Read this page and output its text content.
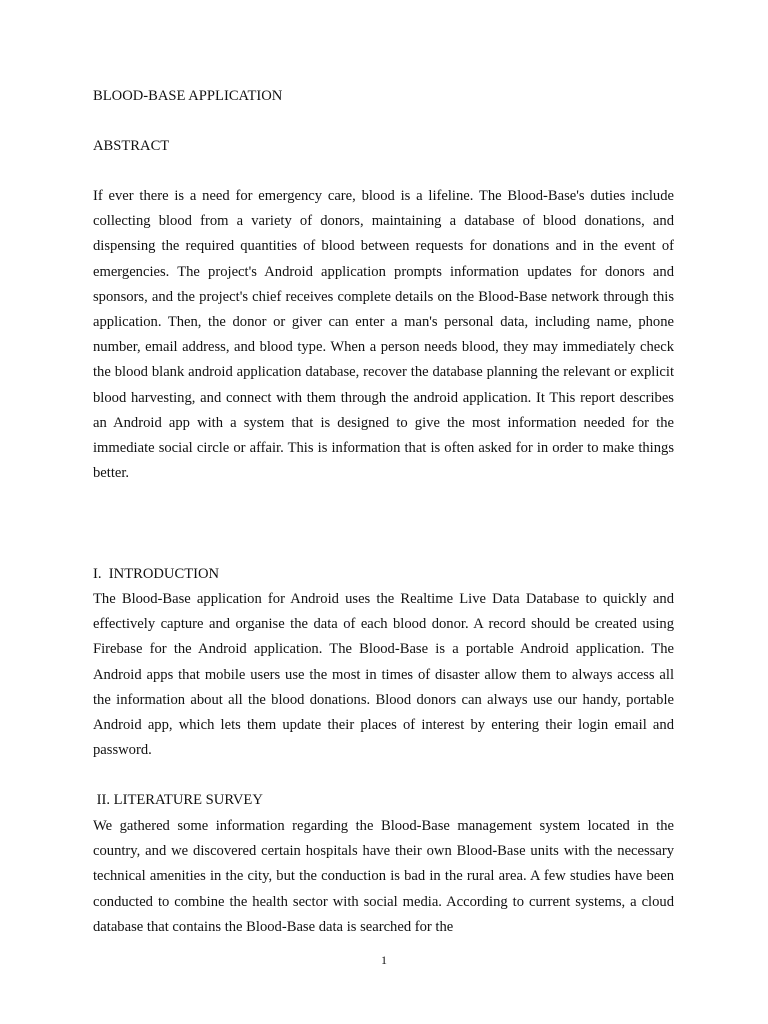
BLOOD-BASE APPLICATION
ABSTRACT
If ever there is a need for emergency care, blood is a lifeline. The Blood-Base's duties include collecting blood from a variety of donors, maintaining a database of blood donations, and dispensing the required quantities of blood between requests for donations and in the event of emergencies. The project's Android application prompts information updates for donors and sponsors, and the project's chief receives complete details on the Blood-Base network through this application. Then, the donor or giver can enter a man's personal data, including name, phone number, email address, and blood type. When a person needs blood, they may immediately check the blood blank android application database, recover the database planning the relevant or explicit blood harvesting, and connect with them through the android application. It This report describes an Android app with a system that is designed to give the most information needed for the immediate social circle or affair. This is information that is often asked for in order to make things better.
I.  INTRODUCTION
The Blood-Base application for Android uses the Realtime Live Data Database to quickly and effectively capture and organise the data of each blood donor. A record should be created using Firebase for the Android application. The Blood-Base is a portable Android application. The Android apps that mobile users use the most in times of disaster allow them to always access all the information about all the blood donations. Blood donors can always use our handy, portable Android app, which lets them update their places of interest by entering their login email and password.
II. LITERATURE SURVEY
We gathered some information regarding the Blood-Base management system located in the country, and we discovered certain hospitals have their own Blood-Base units with the necessary technical amenities in the city, but the conduction is bad in the rural area. A few studies have been conducted to combine the health sector with social media. According to current systems, a cloud database that contains the Blood-Base data is searched for the
1
